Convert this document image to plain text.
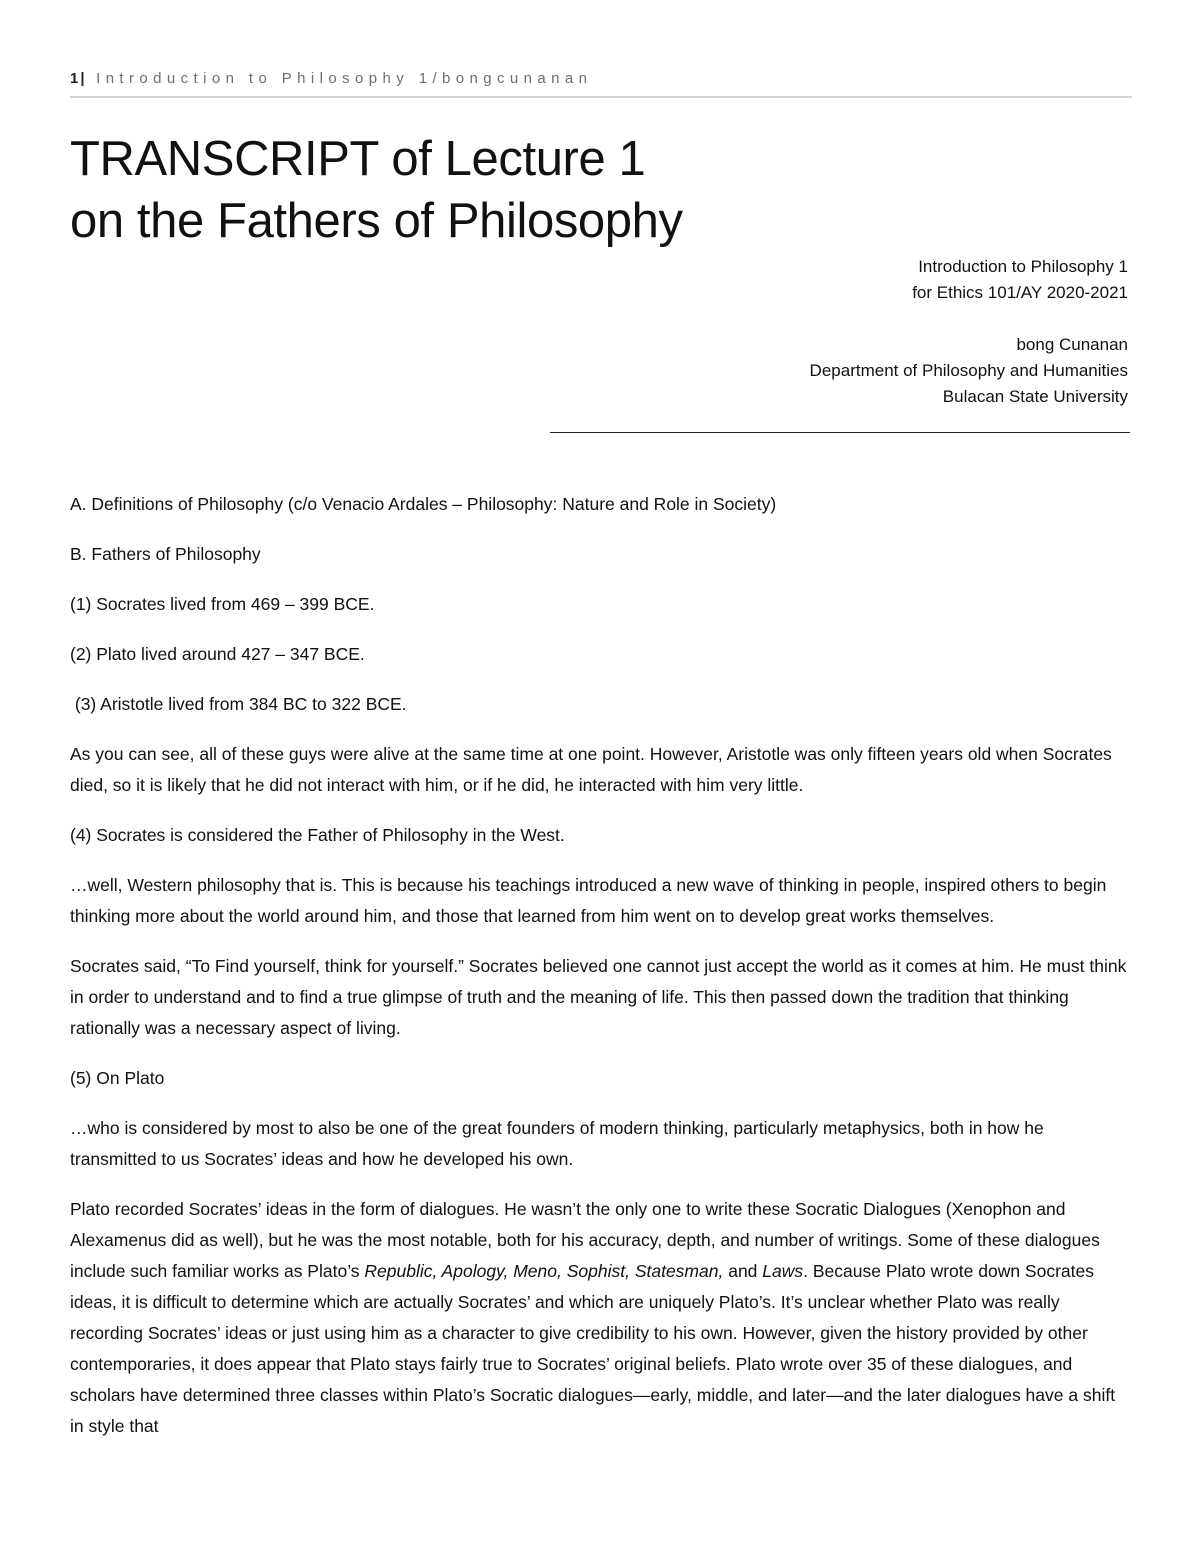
1| Introduction to Philosophy 1/bongcunanan
TRANSCRIPT of Lecture 1
on the Fathers of Philosophy
Introduction to Philosophy 1
for Ethics 101/AY 2020-2021
bong Cunanan
Department of Philosophy and Humanities
Bulacan State University

A. Definitions of Philosophy (c/o Venacio Ardales – Philosophy: Nature and Role in Society)

B. Fathers of Philosophy

(1) Socrates lived from 469 – 399 BCE.

(2) Plato lived around 427 – 347 BCE.

(3) Aristotle lived from 384 BC to 322 BCE.

As you can see, all of these guys were alive at the same time at one point. However, Aristotle was only fifteen years old when Socrates died, so it is likely that he did not interact with him, or if he did, he interacted with him very little.

(4) Socrates is considered the Father of Philosophy in the West.

…well, Western philosophy that is. This is because his teachings introduced a new wave of thinking in people, inspired others to begin thinking more about the world around him, and those that learned from him went on to develop great works themselves.

Socrates said, “To Find yourself, think for yourself.” Socrates believed one cannot just accept the world as it comes at him. He must think in order to understand and to find a true glimpse of truth and the meaning of life. This then passed down the tradition that thinking rationally was a necessary aspect of living.

(5) On Plato

…who is considered by most to also be one of the great founders of modern thinking, particularly metaphysics, both in how he transmitted to us Socrates’ ideas and how he developed his own.

Plato recorded Socrates’ ideas in the form of dialogues. He wasn’t the only one to write these Socratic Dialogues (Xenophon and Alexamenus did as well), but he was the most notable, both for his accuracy, depth, and number of writings. Some of these dialogues include such familiar works as Plato’s Republic, Apology, Meno, Sophist, Statesman, and Laws. Because Plato wrote down Socrates ideas, it is difficult to determine which are actually Socrates’ and which are uniquely Plato’s. It’s unclear whether Plato was really recording Socrates’ ideas or just using him as a character to give credibility to his own. However, given the history provided by other contemporaries, it does appear that Plato stays fairly true to Socrates’ original beliefs. Plato wrote over 35 of these dialogues, and scholars have determined three classes within Plato’s Socratic dialogues—early, middle, and later—and the later dialogues have a shift in style that
